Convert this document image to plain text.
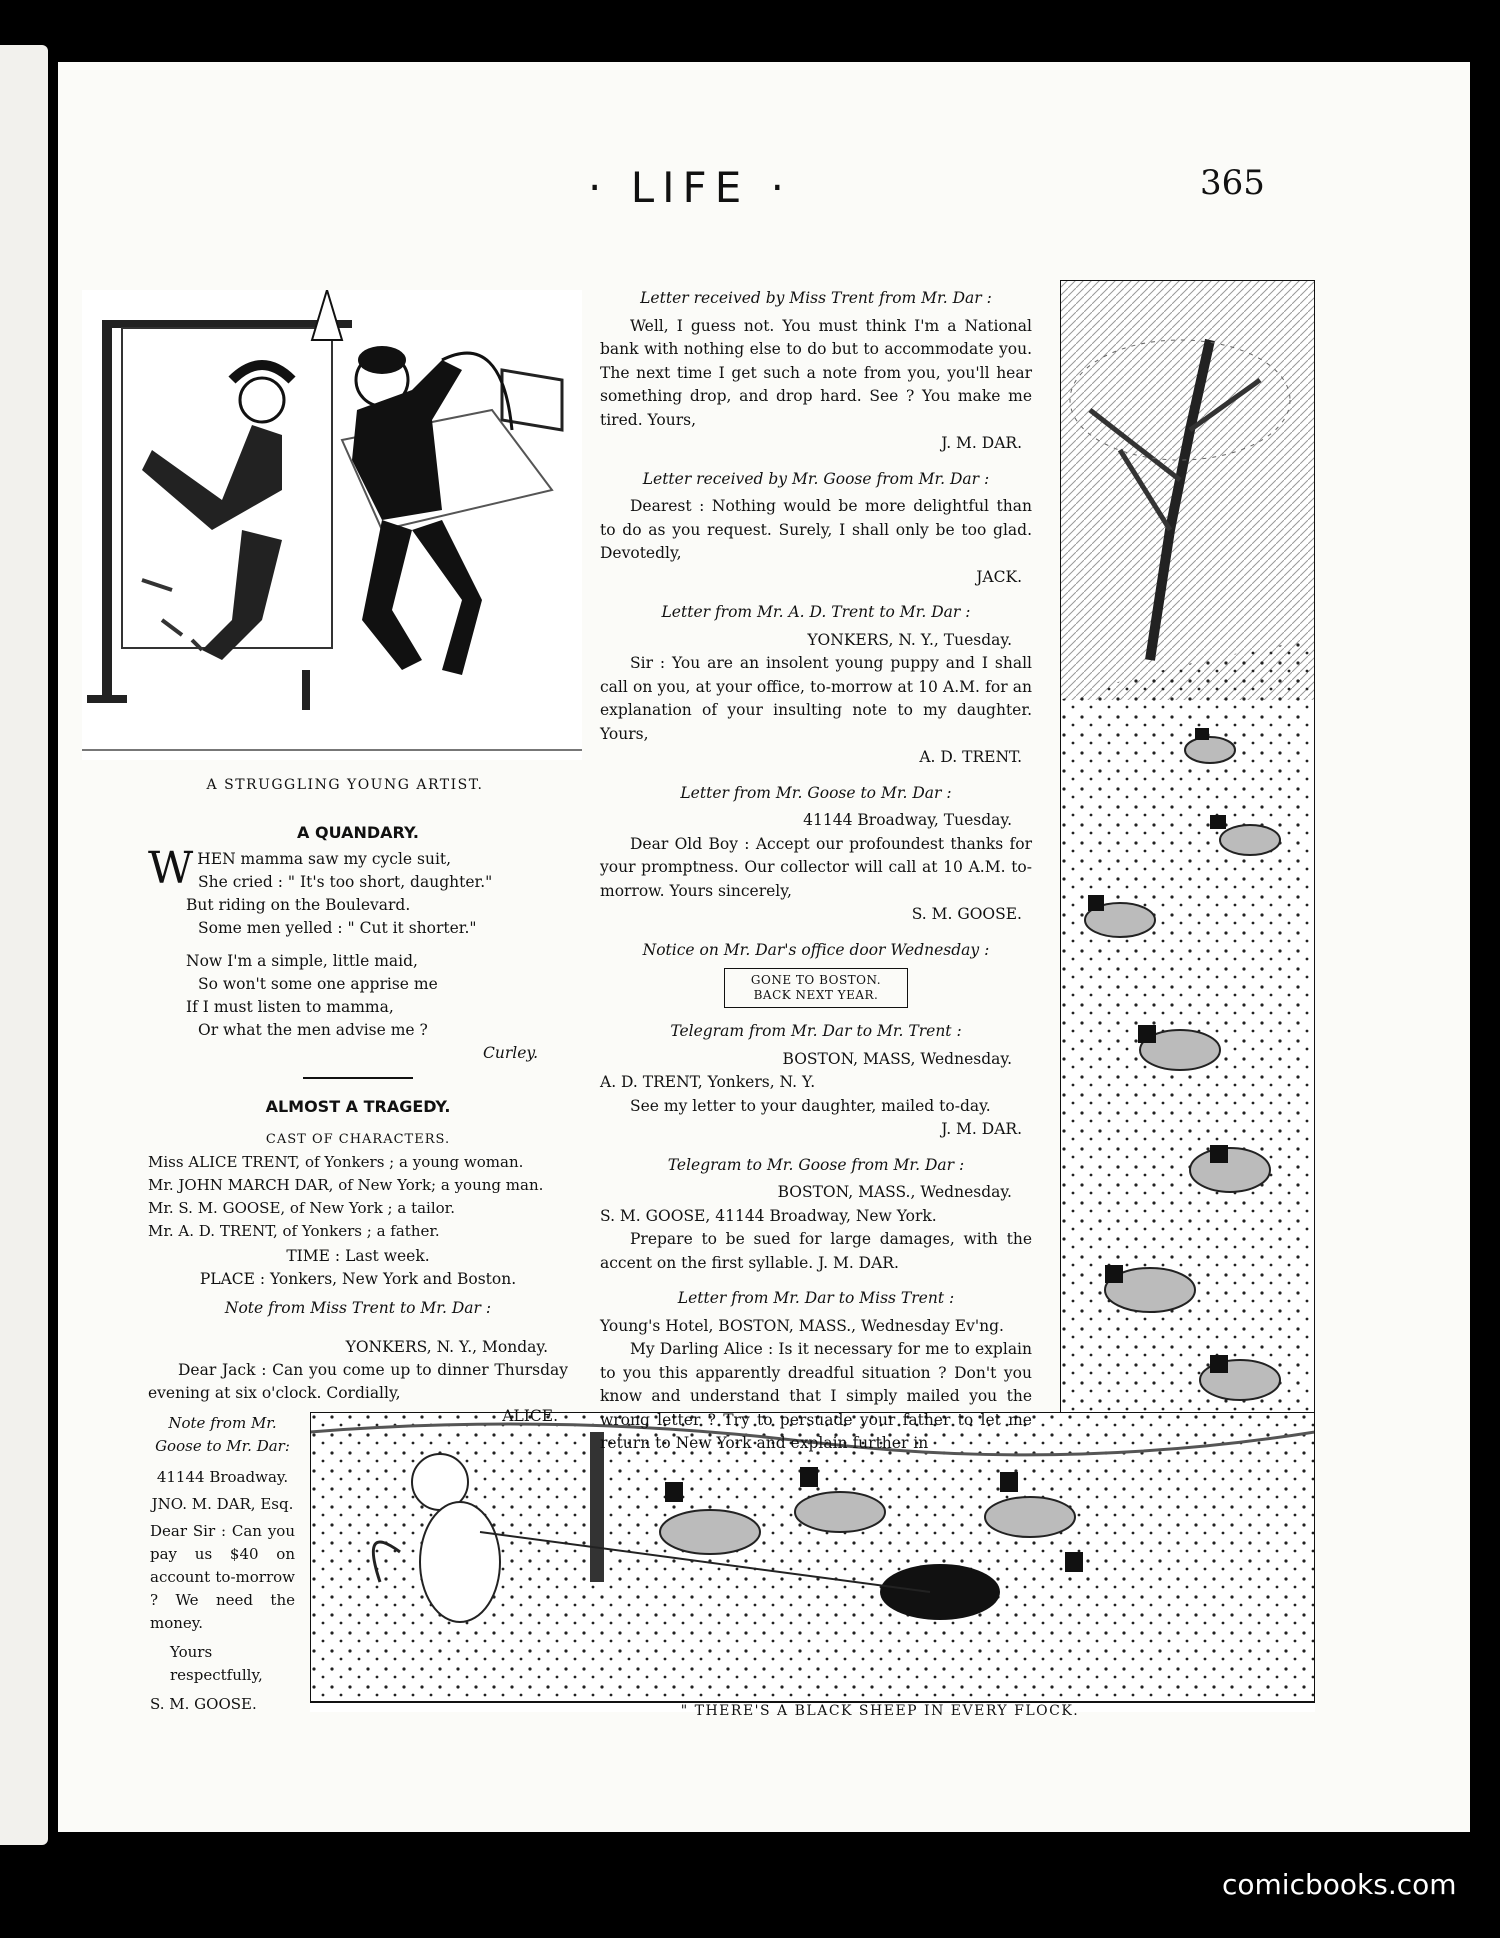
· LIFE ·	365
A STRUGGLING YOUNG ARTIST.
" THERE'S A BLACK SHEEP IN EVERY FLOCK.
A QUANDARY.

WHEN mamma saw my cycle suit,

She cried : " It's too short, daughter."

But riding on the Boulevard.

Some men yelled : " Cut it shorter."

Now I'm a simple, little maid,

So won't some one apprise me

If I must listen to mamma,

Or what the men advise me ?

Curley.

ALMOST A TRAGEDY.
CAST OF CHARACTERS.

Miss ALICE TRENT, of Yonkers ; a young woman.

Mr. JOHN MARCH DAR, of New York; a young man.

Mr. S. M. GOOSE, of New York ; a tailor.

Mr. A. D. TRENT, of Yonkers ; a father.

TIME : Last week.

PLACE : Yonkers, New York and Boston.

Note from Miss Trent to Mr. Dar :

YONKERS, N. Y., Monday.

Dear Jack : Can you come up to dinner Thursday evening at six o'clock. Cordially,

ALICE.

Note from Mr. Goose to Mr. Dar:

41144 Broadway.

JNO. M. DAR, Esq.

Dear Sir : Can you pay us $40 on account to-morrow ? We need the money.

Yours respectfully,

S. M. GOOSE.

Letter received by Miss Trent from Mr. Dar :

Well, I guess not. You must think I'm a National bank with nothing else to do but to accommodate you. The next time I get such a note from you, you'll hear something drop, and drop hard. See ? You make me tired. Yours,

J. M. DAR.

Letter received by Mr. Goose from Mr. Dar :

Dearest : Nothing would be more delightful than to do as you request. Surely, I shall only be too glad. Devotedly,

JACK.

Letter from Mr. A. D. Trent to Mr. Dar :

YONKERS, N. Y., Tuesday.

Sir : You are an insolent young puppy and I shall call on you, at your office, to-morrow at 10 A.M. for an explanation of your insulting note to my daughter. Yours,

A. D. TRENT.

Letter from Mr. Goose to Mr. Dar :

41144 Broadway, Tuesday.

Dear Old Boy : Accept our profoundest thanks for your promptness. Our collector will call at 10 A.M. to-morrow. Yours sincerely,

S. M. GOOSE.

Notice on Mr. Dar's office door Wednesday :

GONE TO BOSTON.
BACK NEXT YEAR.

Telegram from Mr. Dar to Mr. Trent :

BOSTON, MASS, Wednesday.

A. D. TRENT, Yonkers, N. Y.

See my letter to your daughter, mailed to-day.

J. M. DAR.

Telegram to Mr. Goose from Mr. Dar :

BOSTON, MASS., Wednesday.

S. M. GOOSE, 41144 Broadway, New York.

Prepare to be sued for large damages, with the accent on the first syllable. J. M. DAR.

Letter from Mr. Dar to Miss Trent :

Young's Hotel, BOSTON, MASS., Wednesday Ev'ng.

My Darling Alice : Is it necessary for me to explain to you this apparently dreadful situation ? Don't you know and understand that I simply mailed you the wrong letter ? Try to persuade your father to let me return to New York and explain further in

comicbooks.com
